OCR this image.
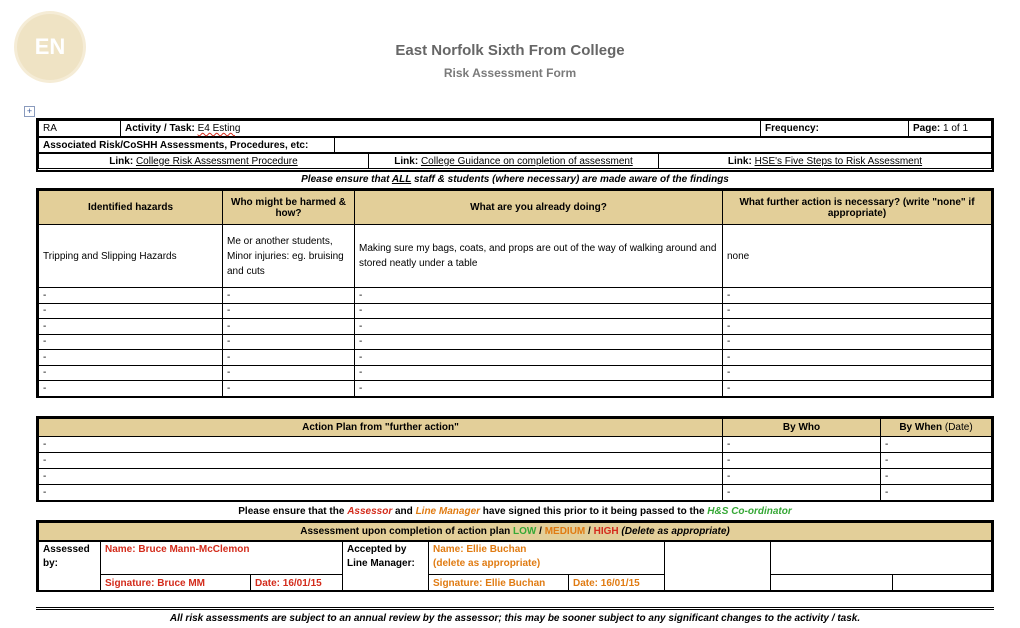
EN	East Norfolk Sixth From College
Risk Assessment Form
+
RA	Activity / Task: E4 Esting	Frequency:	Page: 1 of 1
Associated Risk/CoSHH Assessments, Procedures, etc:	
Link: College Risk Assessment Procedure	Link: College Guidance on completion of assessment	Link: HSE's Five Steps to Risk Assessment
Please ensure that ALL staff & students (where necessary) are made aware of the findings
Identified hazards	Who might be harmed & how?	What are you already doing?	What further action is necessary? (write "none" if appropriate)
Tripping and Slipping Hazards	Me or another students, Minor injuries: eg. bruising and cuts	Making sure my bags, coats, and props are out of the way of walking around and stored neatly under a table	none
-	-	-	-
-	-	-	-
-	-	-	-
-	-	-	-
-	-	-	-
-	-	-	-
-	-	-	-
Action Plan from "further action"	By Who	By When (Date)
-	-	-
-	-	-
-	-	-
-	-	-
Please ensure that the Assessor and Line Manager have signed this prior to it being passed to the H&S Co-ordinator
Assessment upon completion of action plan LOW / MEDIUM / HIGH (Delete as appropriate)
Assessed by:	Name: Bruce Mann-McClemon		Accepted by Line Manager:	Name: Ellie Buchan
(delete as appropriate)				

	Signature: Bruce MM	Date: 16/01/15		Signature: Ellie Buchan	Date: 16/01/15			
All risk assessments are subject to an annual review by the assessor; this may be sooner subject to any significant changes to the activity / task.
